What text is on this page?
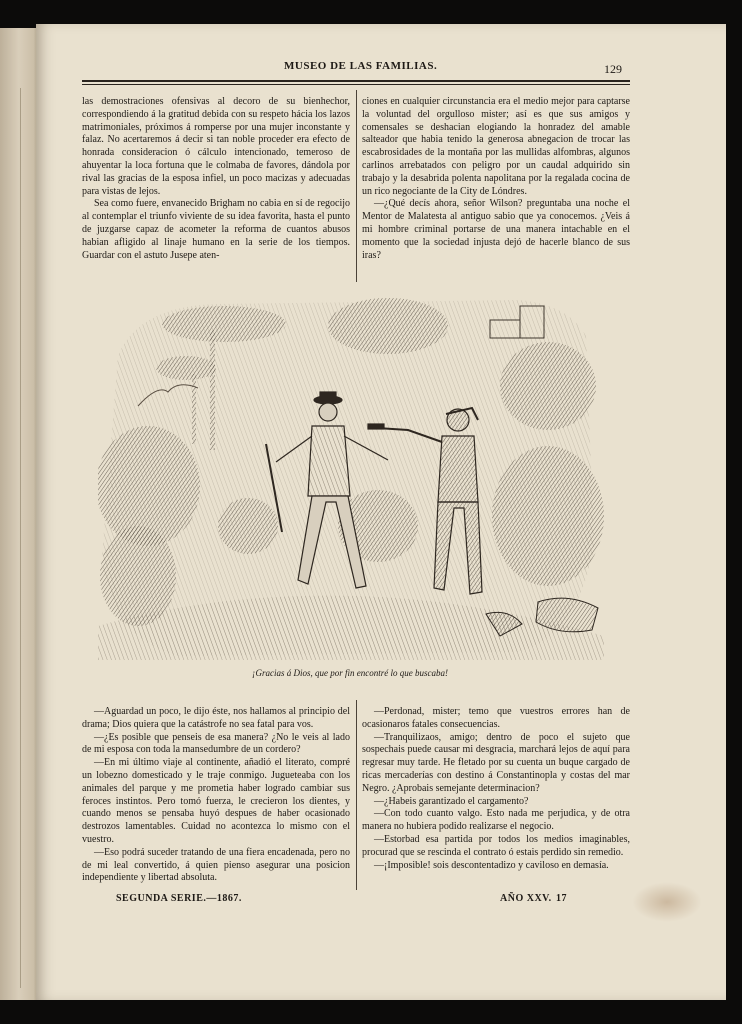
MUSEO DE LAS FAMILIAS.	129

las demostraciones ofensivas al decoro de su bienhechor, correspondiendo á la gratitud debida con su respeto hácia los lazos matrimoniales, próximos á romperse por una mujer inconstante y falaz. No acertaremos á decir si tan noble proceder era efecto de honrada consideracion ó cálculo intencionado, temeroso de ahuyentar la loca fortuna que le colmaba de favores, dándola por rival las gracias de la esposa infiel, un poco macizas y adecuadas para vistas de lejos.

Sea como fuere, envanecido Brigham no cabia en sí de regocijo al contemplar el triunfo viviente de su idea favorita, hasta el punto de juzgarse capaz de acometer la reforma de cuantos abusos habian afligido al linaje humano en la serie de los tiempos. Guardar con el astuto Jusepe aten-

ciones en cualquier circunstancia era el medio mejor para captarse la voluntad del orgulloso mister; así es que sus amigos y comensales se deshacian elogiando la honradez del amable salteador que habia tenido la generosa abnegacion de trocar las escabrosidades de la montaña por las mullidas alfombras, algunos carlinos arrebatados con peligro por un caudal adquirido sin trabajo y la desabrida polenta napolitana por la regalada cocina de un rico negociante de la City de Lóndres.

—¿Qué decís ahora, señor Wilson? preguntaba una noche el Mentor de Malatesta al antiguo sabio que ya conocemos. ¿Veis á mi hombre criminal portarse de una manera intachable en el momento que la sociedad injusta dejó de hacerle blanco de sus iras?

¡Gracias á Dios, que por fin encontré lo que buscaba!

—Aguardad un poco, le dijo éste, nos hallamos al principio del drama; Dios quiera que la catástrofe no sea fatal para vos.

—¿Es posible que penseis de esa manera? ¿No le veis al lado de mi esposa con toda la mansedumbre de un cordero?

—En mi último viaje al continente, añadió el literato, compré un lobezno domesticado y le traje conmigo. Jugueteaba con los animales del parque y me prometia haber logrado cambiar sus feroces instintos. Pero tomó fuerza, le crecieron los dientes, y cuando menos se pensaba huyó despues de haber ocasionado destrozos lamentables. Cuidad no acontezca lo mismo con el vuestro.

—Eso podrá suceder tratando de una fiera encadenada, pero no de mi leal convertido, á quien pienso asegurar una posicion independiente y libertad absoluta.

—Perdonad, mister; temo que vuestros errores han de ocasionaros fatales consecuencias.

—Tranquilizaos, amigo; dentro de poco el sujeto que sospechais puede causar mi desgracia, marchará lejos de aquí para regresar muy tarde. He fletado por su cuenta un buque cargado de ricas mercaderías con destino á Constantinopla y costas del mar Negro. ¿Aprobais semejante determinacion?

—¿Habeis garantizado el cargamento?

—Con todo cuanto valgo. Esto nada me perjudica, y de otra manera no hubiera podido realizarse el negocio.

—Estorbad esa partida por todos los medios imaginables, procurad que se rescinda el contrato ó estais perdido sin remedio.

—¡Imposible! sois descontentadizo y caviloso en demasía.

SEGUNDA SERIE.—1867.	AÑO XXV. 17
